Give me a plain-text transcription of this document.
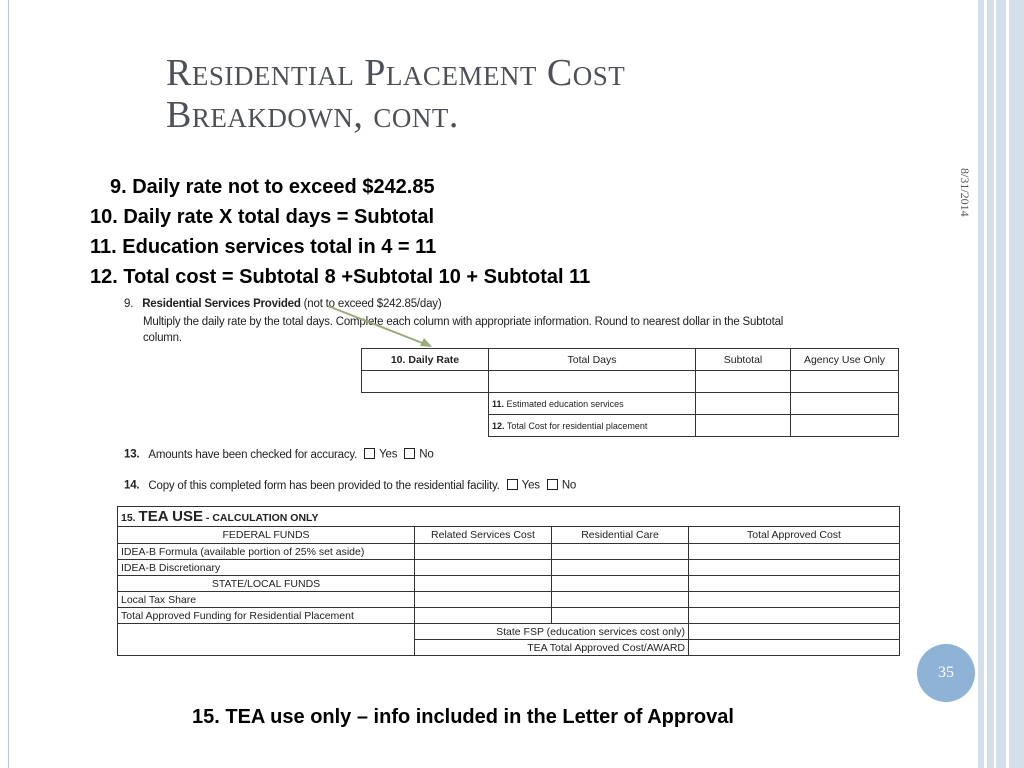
Residential Placement Cost
Breakdown, cont.
8/31/2014
9. Daily rate not to exceed $242.85
10. Daily rate X total days = Subtotal
11. Education services total in 4 = 11
12. Total cost = Subtotal 8 +Subtotal 10 + Subtotal 11
9. Residential Services Provided (not to exceed $242.85/day)
Multiply the daily rate by the total days. Complete each column with appropriate information. Round to nearest dollar in the Subtotal
column.
10. Daily Rate	Total Days	Subtotal	Agency Use Only

	11. Estimated education services		
	12. Total Cost for residential placement		
13. Amounts have been checked for accuracy. Yes No
14. Copy of this completed form has been provided to the residential facility. Yes No
15. TEA USE - CALCULATION ONLY			
FEDERAL FUNDS	Related Services Cost	Residential Care	Total Approved Cost
IDEA-B Formula (available portion of 25% set aside)			
IDEA-B Discretionary			
STATE/LOCAL FUNDS			
Local Tax Share			
Total Approved Funding for Residential Placement			
	State FSP (education services cost only)		
	TEA Total Approved Cost/AWARD		
35
15. TEA use only – info included in the Letter of Approval
